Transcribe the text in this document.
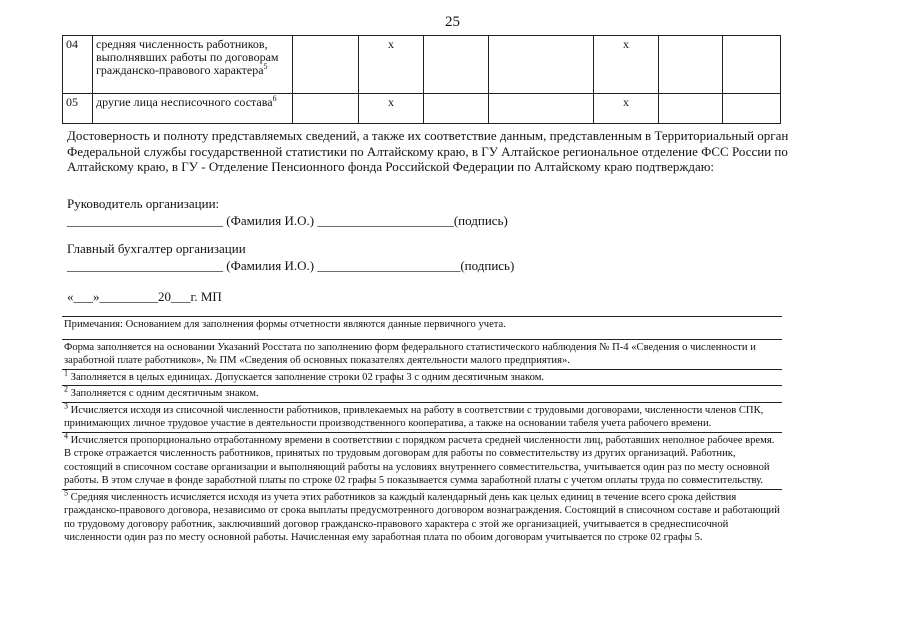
25
04	средняя численность работников, выполнявших работы по договорам гражданско-правового характера$^5$		x			x		
05	другие лица несписочного состава$^6$		x			x		
Достоверность и полноту представляемых сведений, а также их соответствие данным, представленным в Территориальный орган Федеральной службы государственной статистики по Алтайскому краю, в ГУ Алтайское региональное отделение ФСС России по Алтайскому краю, в ГУ - Отделение Пенсионного фонда Российской Федерации по Алтайскому краю подтверждаю:
Руководитель организации:
________________________ (Фамилия И.О.) _____________________(подпись)
Главный бухгалтер организации
________________________ (Фамилия И.О.) ______________________(подпись)
«___»_________20___г. МП
Примечания: Основанием для заполнения формы отчетности являются данные первичного учета.
Форма заполняется на основании Указаний Росстата по заполнению форм федерального статистического наблюдения № П-4 «Сведения о численности и заработной плате работников», № ПМ «Сведения об основных показателях деятельности малого предприятия».
$^1$ Заполняется в целых единицах. Допускается заполнение строки 02 графы 3 с одним десятичным знаком.
$^2$ Заполняется с одним десятичным знаком.
$^3$ Исчисляется исходя из списочной численности работников, привлекаемых на работу в соответствии с трудовыми договорами, численности членов СПК, принимающих личное трудовое участие в деятельности производственного кооператива, а также на основании табеля учета рабочего времени.
$^4$ Исчисляется пропорционально отработанному времени в соответствии с порядком расчета средней численности лиц, работавших неполное рабочее время. В строке отражается численность работников, принятых по трудовым договорам для работы по совместительству из других организаций. Работник, состоящий в списочном составе организации и выполняющий работы на условиях внутреннего совместительства, учитывается один раз по месту основной работы. В этом случае в фонде заработной платы по строке 02 графы 5 показывается сумма заработной платы с учетом оплаты труда по совместительству.
$^5$ Средняя численность исчисляется исходя из учета этих работников за каждый календарный день как целых единиц в течение всего срока действия гражданско-правового договора, независимо от срока выплаты предусмотренного договором вознаграждения. Состоящий в списочном составе и работающий по трудовому договору работник, заключивший договор гражданско-правового характера с этой же организацией, учитывается в среднесписочной численности один раз по месту основной работы. Начисленная ему заработная плата по обоим договорам учитывается по строке 02 графы 5.
